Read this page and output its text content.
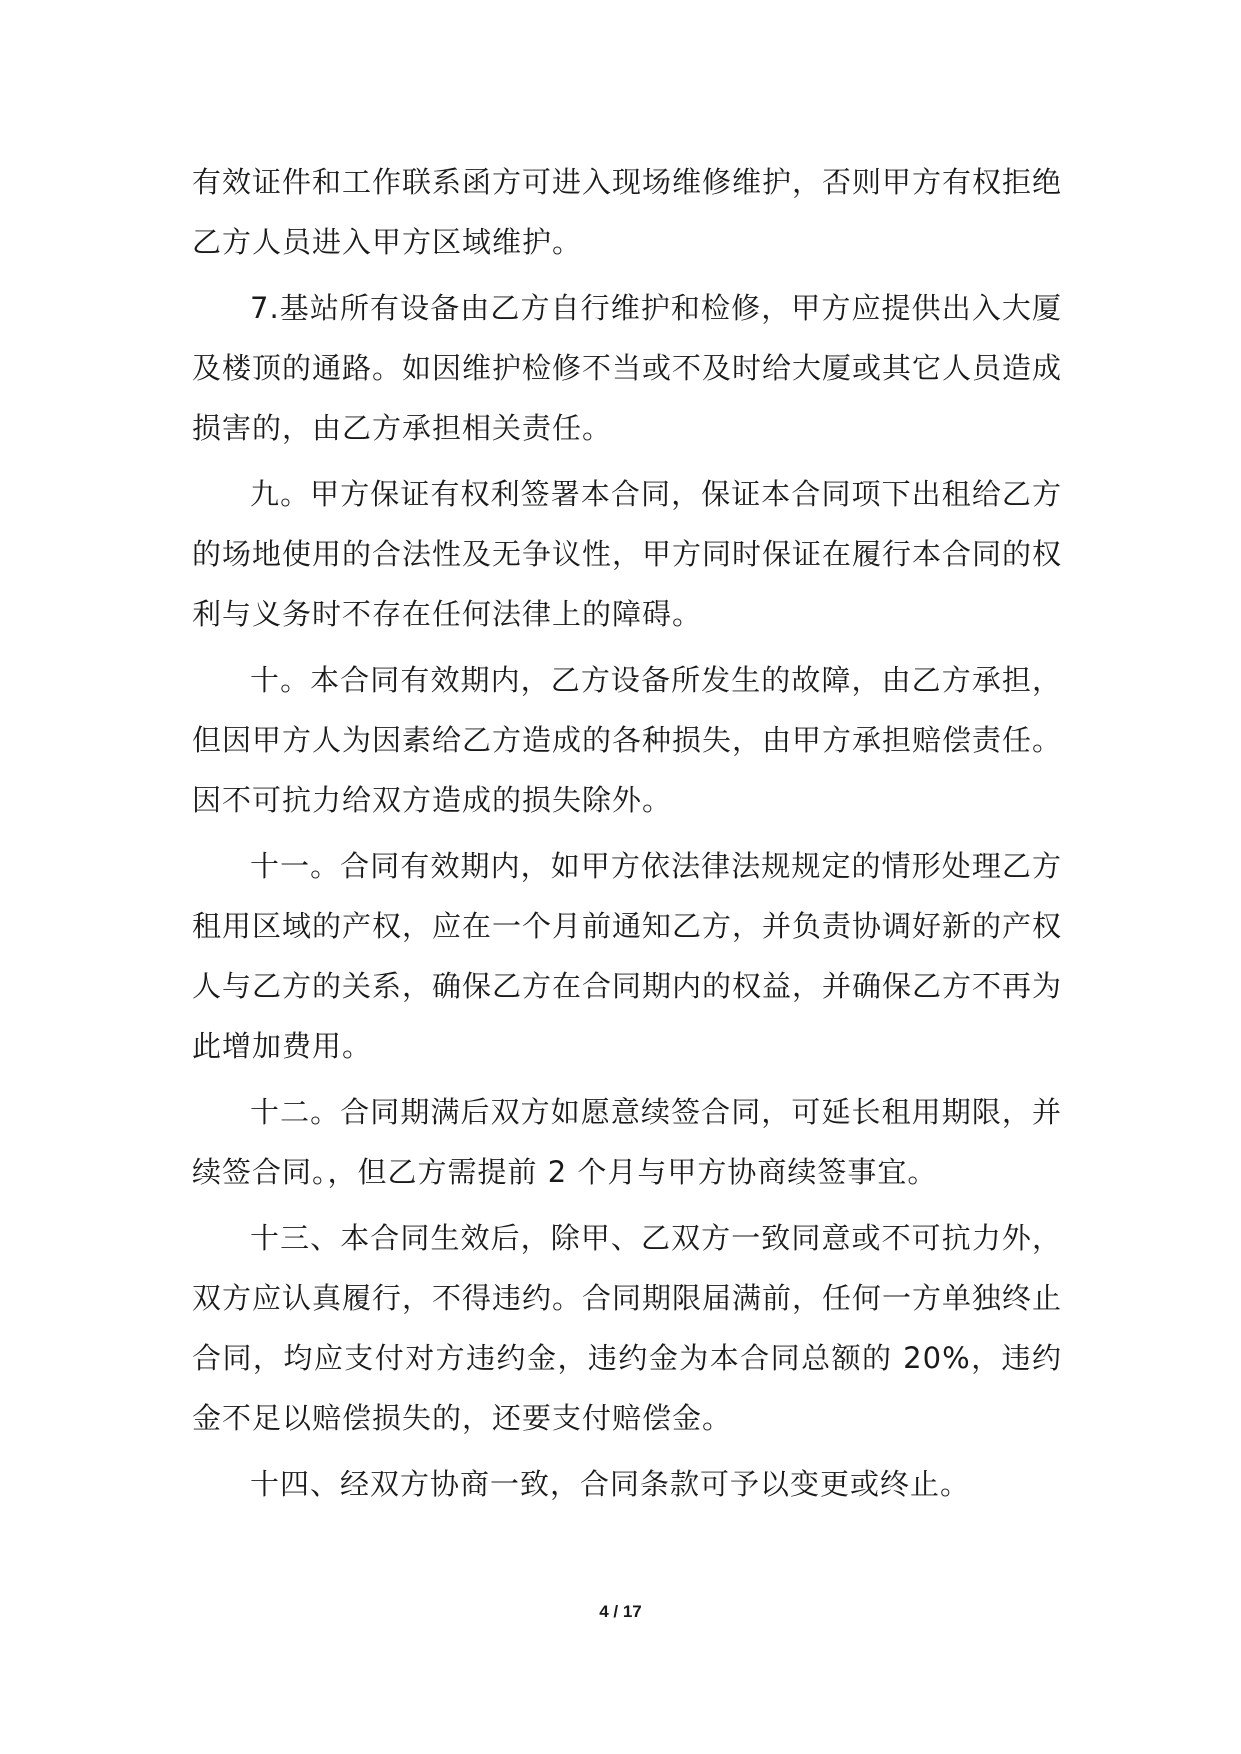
有效证件和工作联系函方可进入现场维修维护，否则甲方有权拒绝乙方人员进入甲方区域维护。

7.基站所有设备由乙方自行维护和检修，甲方应提供出入大厦及楼顶的通路。如因维护检修不当或不及时给大厦或其它人员造成损害的，由乙方承担相关责任。

九。甲方保证有权利签署本合同，保证本合同项下出租给乙方的场地使用的合法性及无争议性，甲方同时保证在履行本合同的权利与义务时不存在任何法律上的障碍。

十。本合同有效期内，乙方设备所发生的故障，由乙方承担，但因甲方人为因素给乙方造成的各种损失，由甲方承担赔偿责任。因不可抗力给双方造成的损失除外。

十一。合同有效期内，如甲方依法律法规规定的情形处理乙方租用区域的产权，应在一个月前通知乙方，并负责协调好新的产权人与乙方的关系，确保乙方在合同期内的权益，并确保乙方不再为此增加费用。

十二。合同期满后双方如愿意续签合同，可延长租用期限，并续签合同。，但乙方需提前 2 个月与甲方协商续签事宜。

十三、本合同生效后，除甲、乙双方一致同意或不可抗力外，双方应认真履行，不得违约。合同期限届满前，任何一方单独终止合同，均应支付对方违约金，违约金为本合同总额的 20%，违约金不足以赔偿损失的，还要支付赔偿金。

十四、经双方协商一致，合同条款可予以变更或终止。

4 / 17
